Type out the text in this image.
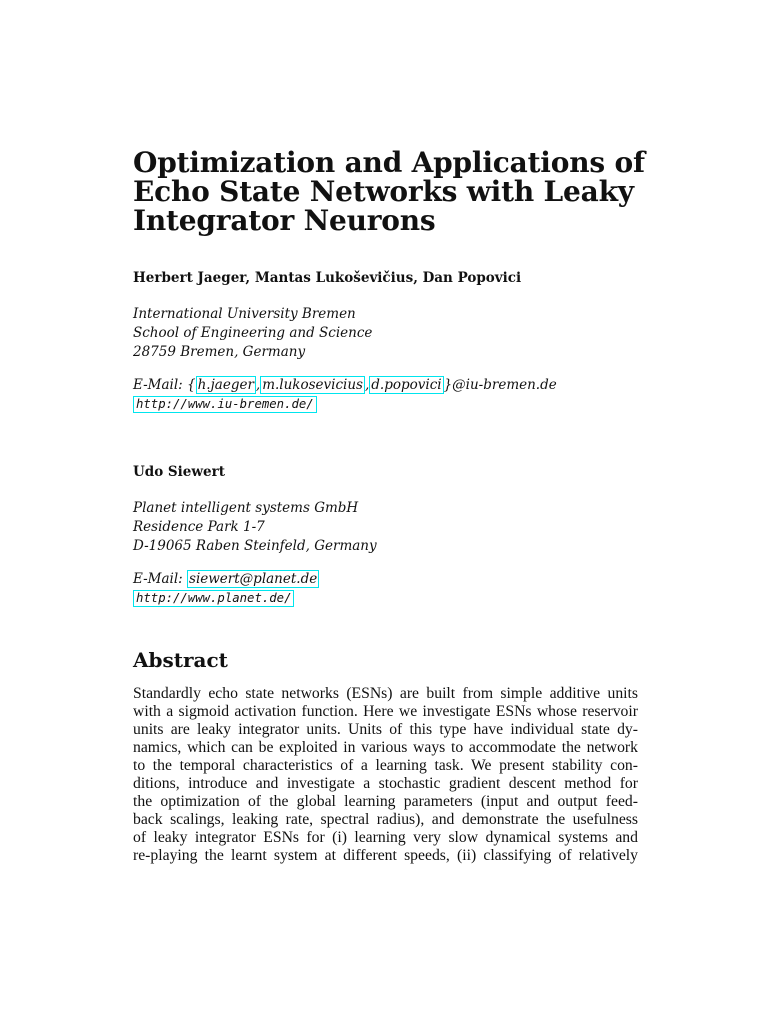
Optimization and Applications of
Echo State Networks with Leaky
Integrator Neurons
Herbert Jaeger, Mantas Lukoševičius, Dan Popovici
International University Bremen
School of Engineering and Science
28759 Bremen, Germany
E-Mail: { h.jaeger , m.lukosevicius , d.popovici }@iu-bremen.de
http://www.iu-bremen.de/
Udo Siewert
Planet intelligent systems GmbH
Residence Park 1-7
D-19065 Raben Steinfeld, Germany
E-Mail: siewert@planet.de
http://www.planet.de/
Abstract
Standardly echo state networks (ESNs) are built from simple additive units
with a sigmoid activation function. Here we investigate ESNs whose reservoir
units are leaky integrator units. Units of this type have individual state dy-
namics, which can be exploited in various ways to accommodate the network
to the temporal characteristics of a learning task. We present stability con-
ditions, introduce and investigate a stochastic gradient descent method for
the optimization of the global learning parameters (input and output feed-
back scalings, leaking rate, spectral radius), and demonstrate the usefulness
of leaky integrator ESNs for (i) learning very slow dynamical systems and
re-playing the learnt system at different speeds, (ii) classifying of relatively
